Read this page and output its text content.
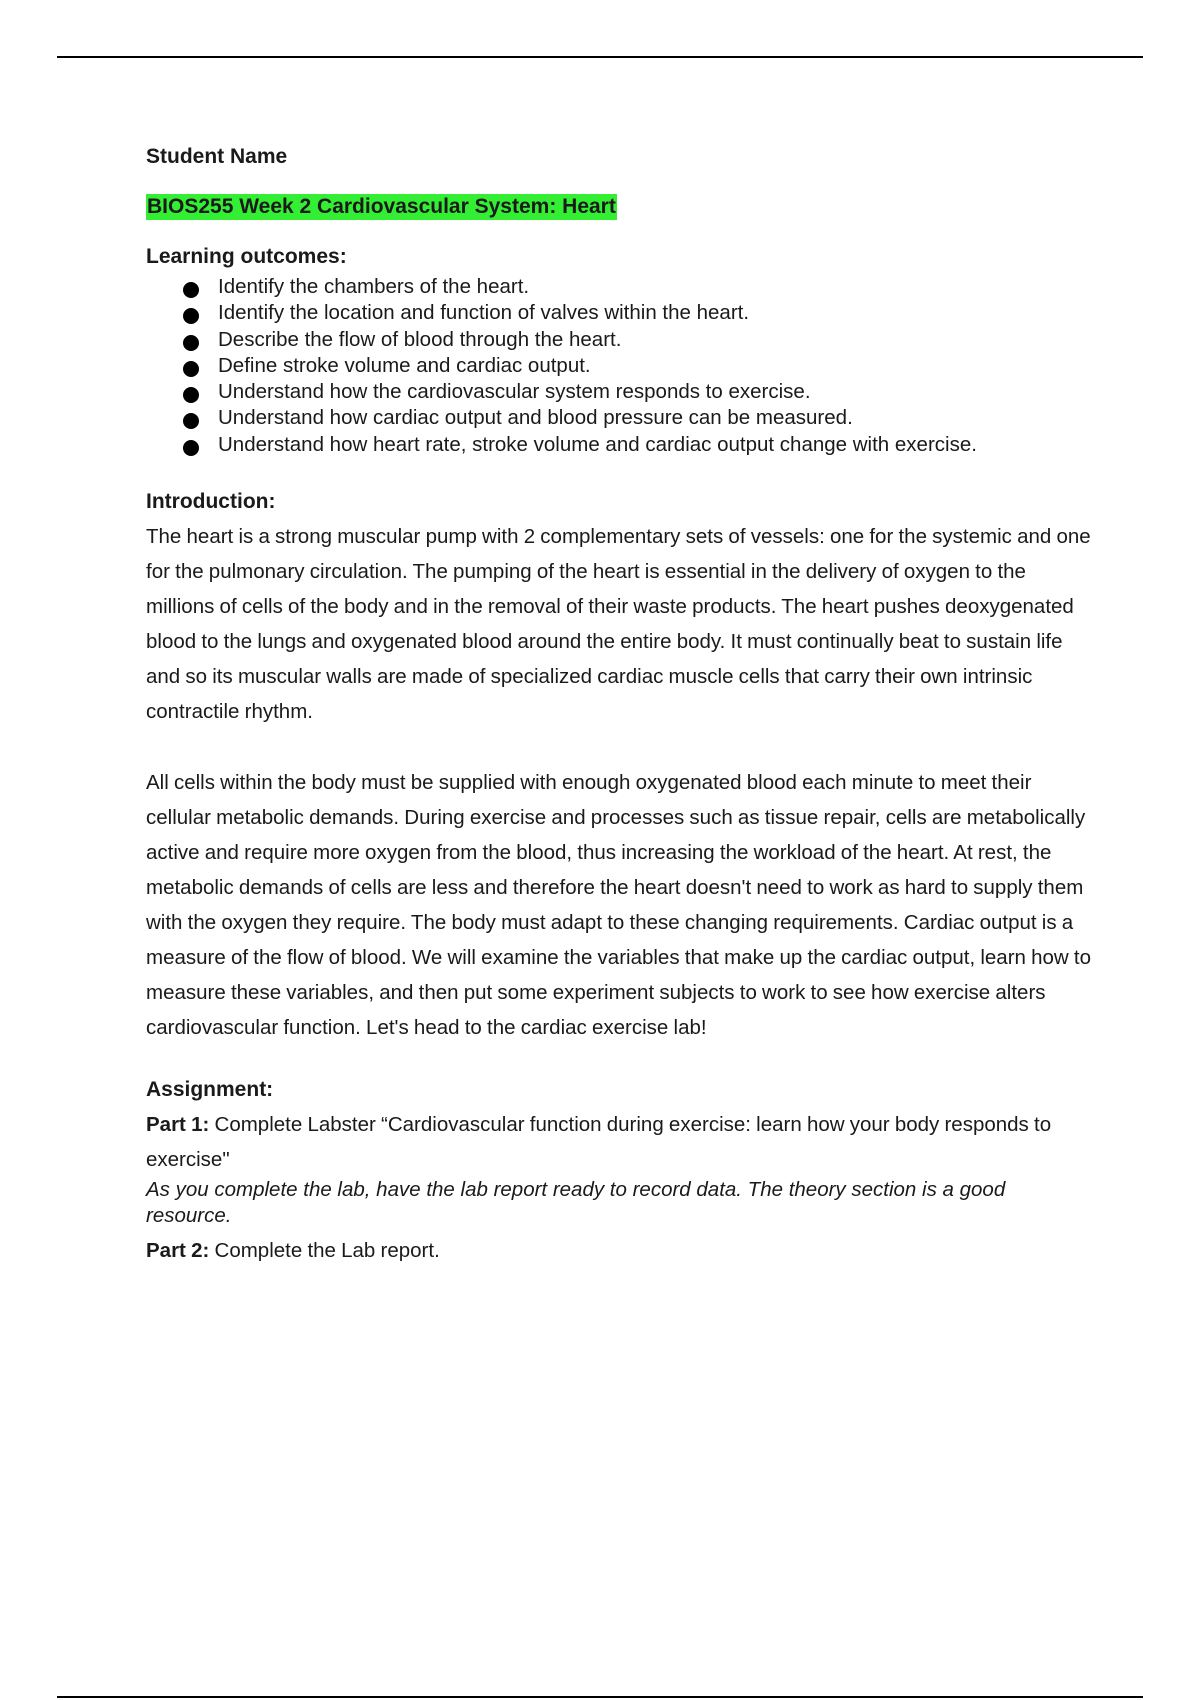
Student Name

BIOS255 Week 2 Cardiovascular System: Heart

Learning outcomes:

Identify the chambers of the heart.
Identify the location and function of valves within the heart.
Describe the flow of blood through the heart.
Define stroke volume and cardiac output.
Understand how the cardiovascular system responds to exercise.
Understand how cardiac output and blood pressure can be measured.
Understand how heart rate, stroke volume and cardiac output change with exercise.

Introduction:

The heart is a strong muscular pump with 2 complementary sets of vessels: one for the systemic and one for the pulmonary circulation. The pumping of the heart is essential in the delivery of oxygen to the millions of cells of the body and in the removal of their waste products. The heart pushes deoxygenated blood to the lungs and oxygenated blood around the entire body. It must continually beat to sustain life and so its muscular walls are made of specialized cardiac muscle cells that carry their own intrinsic contractile rhythm.

All cells within the body must be supplied with enough oxygenated blood each minute to meet their cellular metabolic demands. During exercise and processes such as tissue repair, cells are metabolically active and require more oxygen from the blood, thus increasing the workload of the heart. At rest, the metabolic demands of cells are less and therefore the heart doesn't need to work as hard to supply them with the oxygen they require. The body must adapt to these changing requirements. Cardiac output is a measure of the flow of blood. We will examine the variables that make up the cardiac output, learn how to measure these variables, and then put some experiment subjects to work to see how exercise alters cardiovascular function. Let's head to the cardiac exercise lab!

Assignment:

Part 1: Complete Labster “Cardiovascular function during exercise: learn how your body responds to exercise"

As you complete the lab, have the lab report ready to record data. The theory section is a good resource.

Part 2: Complete the Lab report.
